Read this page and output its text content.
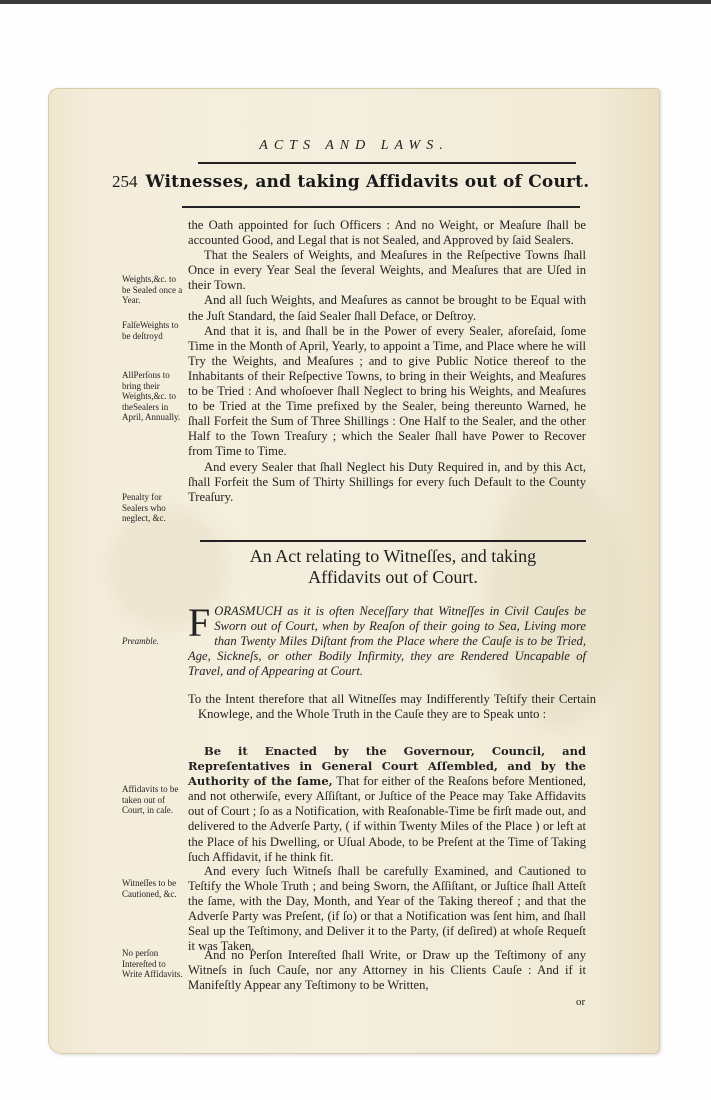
ACTS AND LAWS.
254 Witnesses, and taking Affidavits out of Court.

the Oath appointed for ſuch Officers : And no Weight, or Meaſure ſhall be accounted Good, and Legal that is not Sealed, and Approved by ſaid Sealers.

That the Sealers of Weights, and Meaſures in the Reſpective Towns ſhall Once in every Year Seal the ſeveral Weights, and Meaſures that are Uſed in their Town.

And all ſuch Weights, and Meaſures as cannot be brought to be Equal with the Juſt Standard, the ſaid Sealer ſhall Deface, or Deſtroy.

And that it is, and ſhall be in the Power of every Sealer, aforeſaid, ſome Time in the Month of April, Yearly, to appoint a Time, and Place where he will Try the Weights, and Meaſures ; and to give Public Notice thereof to the Inhabitants of their Reſpective Towns, to bring in their Weights, and Meaſures to be Tried : And whoſoever ſhall Neglect to bring his Weights, and Meaſures to be Tried at the Time prefixed by the Sealer, being thereunto Warned, he ſhall Forfeit the Sum of Three Shillings : One Half to the Sealer, and the other Half to the Town Treaſury ; which the Sealer ſhall have Power to Recover from Time to Time.

And every Sealer that ſhall Neglect his Duty Required in, and by this Act, ſhall Forfeit the Sum of Thirty Shillings for every ſuch Default to the County Treaſury.

Weights,&c. to be Sealed once a Year.
FalſeWeights to be deſtroyd
AllPerſons to bring their Weights,&c. to theSealers in April, Annually.
Penalty for Sealers who neglect, &c.
An Act relating to Witneſſes, and taking
Affidavits out of Court.
FORASMUCH as it is often Neceſſary that Witneſſes in Civil Cauſes be Sworn out of Court, when by Reaſon of their going to Sea, Living more than Twenty Miles Diſtant from the Place where the Cauſe is to be Tried, Age, Sickneſs, or other Bodily Infirmity, they are Rendered Uncapable of Travel, and of Appearing at Court.
Preamble.
To the Intent therefore that all Witneſſes may Indifferently Teſtify their Certain Knowlege, and the Whole Truth in the Cauſe they are to Speak unto :
Be it Enacted by the Governour, Council, and Repreſentatives in General Court Aſſembled, and by the Authority of the ſame, That for either of the Reaſons before Mentioned, and not otherwiſe, every Aſſiſtant, or Juſtice of the Peace may Take Affidavits out of Court ; ſo as a Notification, with Reaſonable-Time be firſt made out, and delivered to the Adverſe Party, ( if within Twenty Miles of the Place ) or left at the Place of his Dwelling, or Uſual Abode, to be Preſent at the Time of Taking ſuch Affidavit, if he think fit.
Affidavits to be taken out of Court, in caſe.
And every ſuch Witneſs ſhall be carefully Examined, and Cautioned to Teſtify the Whole Truth ; and being Sworn, the Aſſiſtant, or Juſtice ſhall Atteſt the ſame, with the Day, Month, and Year of the Taking thereof ; and that the Adverſe Party was Preſent, (if ſo) or that a Notification was ſent him, and ſhall Seal up the Teſtimony, and Deliver it to the Party, (if deſired) at whoſe Requeſt it was Taken.
Witneſſes to be Cautioned, &c.
And no Perſon Intereſted ſhall Write, or Draw up the Teſtimony of any Witneſs in ſuch Cauſe, nor any Attorney in his Clients Cauſe : And if it Manifeſtly Appear any Teſtimony to be Written,
No perſon Intereſted to Write Affidavits.
or
